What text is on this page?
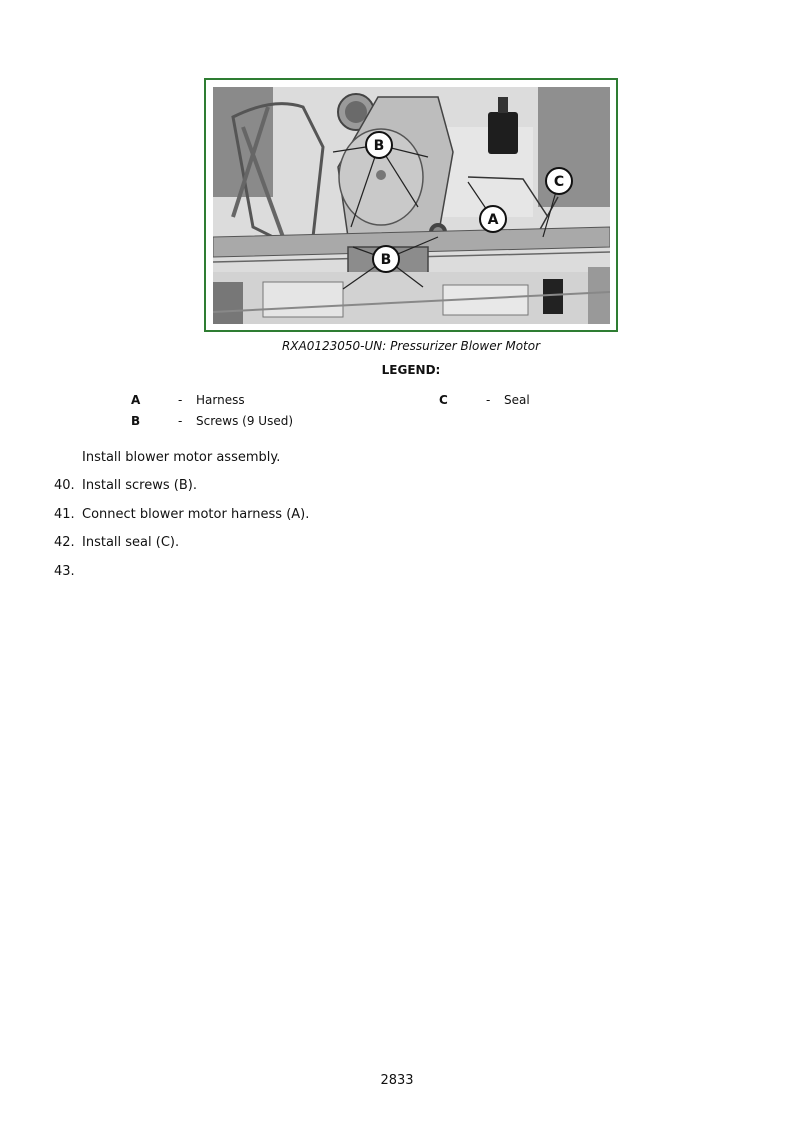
B
B
A
C
RXA0123050-UN: Pressurizer Blower Motor
LEGEND:
A	- Harness
B	- Screws (9 Used)
C	- Seal
Install blower motor assembly.
40. Install screws (B).
41. Connect blower motor harness (A).
42. Install seal (C).
43.
2833
